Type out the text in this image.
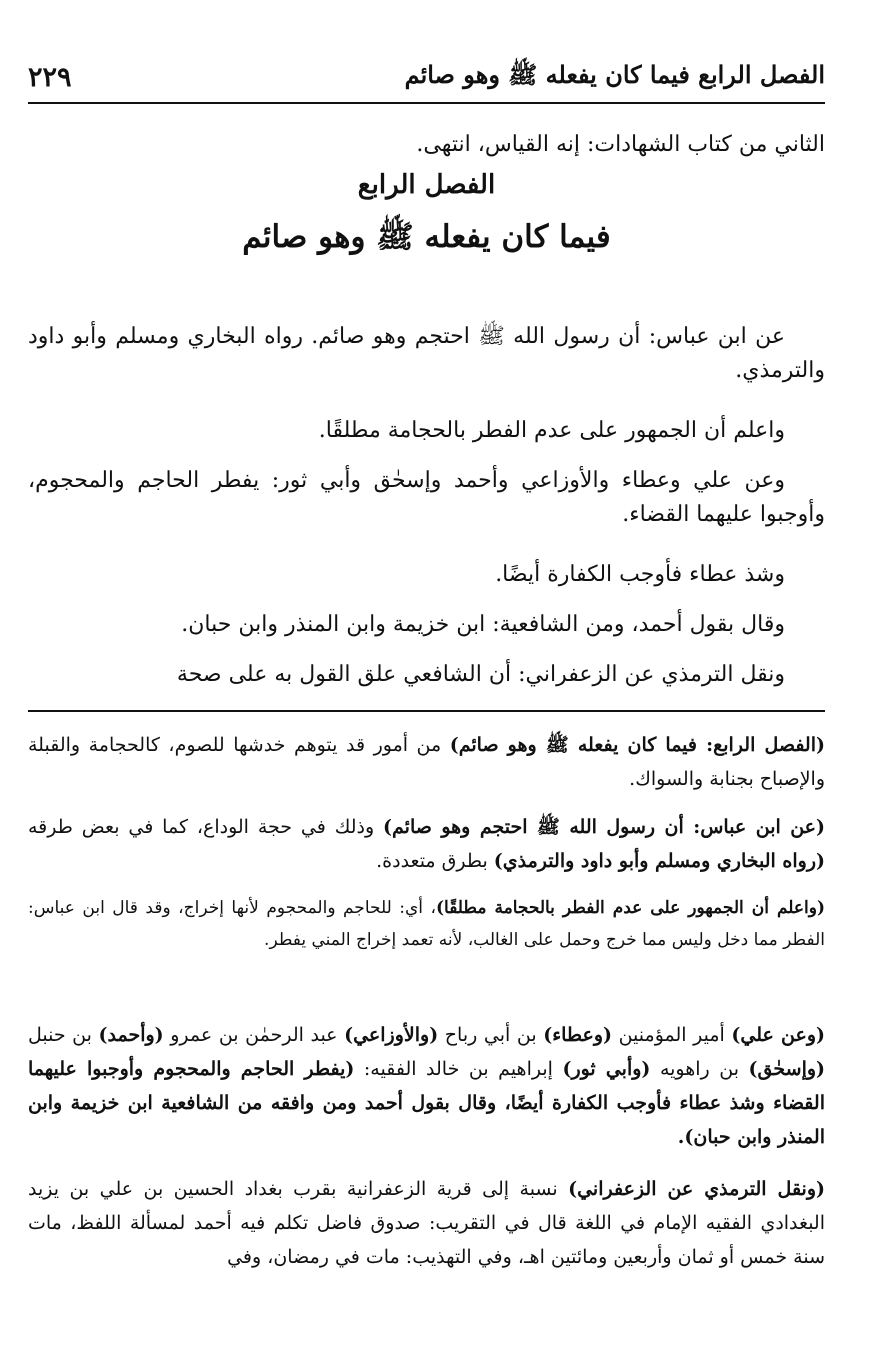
الفصل الرابع فيما كان يفعله ﷺ وهو صائم
٢٢٩
الثاني من كتاب الشهادات: إنه القياس، انتهى.
الفصل الرابع
فيما كان يفعله ﷺ وهو صائم
عن ابن عباس: أن رسول الله ﷺ احتجم وهو صائم. رواه البخاري ومسلم وأبو داود والترمذي.
واعلم أن الجمهور على عدم الفطر بالحجامة مطلقًا.
وعن علي وعطاء والأوزاعي وأحمد وإسحٰق وأبي ثور: يفطر الحاجم والمحجوم، وأوجبوا عليهما القضاء.
وشذ عطاء فأوجب الكفارة أيضًا.
وقال بقول أحمد، ومن الشافعية: ابن خزيمة وابن المنذر وابن حبان.
ونقل الترمذي عن الزعفراني: أن الشافعي علق القول به على صحة
(الفصل الرابع: فيما كان يفعله ﷺ وهو صائم) من أمور قد يتوهم خدشها للصوم، كالحجامة والقبلة والإصباح بجنابة والسواك.
(عن ابن عباس: أن رسول الله ﷺ احتجم وهو صائم) وذلك في حجة الوداع، كما في بعض طرقه (رواه البخاري ومسلم وأبو داود والترمذي) بطرق متعددة.
(واعلم أن الجمهور على عدم الفطر بالحجامة مطلقًا)، أي: للحاجم والمحجوم لأنها إخراج، وقد قال ابن عباس: الفطر مما دخل وليس مما خرج وحمل على الغالب، لأنه تعمد إخراج المني يفطر.
(وعن علي) أمير المؤمنين (وعطاء) بن أبي رباح (والأوزاعي) عبد الرحمٰن بن عمرو (وأحمد) بن حنبل (وإسحٰق) بن راهويه (وأبي ثور) إبراهيم بن خالد الفقيه: (يفطر الحاجم والمحجوم وأوجبوا عليهما القضاء وشذ عطاء فأوجب الكفارة أيضًا، وقال بقول أحمد ومن وافقه من الشافعية ابن خزيمة وابن المنذر وابن حبان).
(ونقل الترمذي عن الزعفراني) نسبة إلى قرية الزعفرانية بقرب بغداد الحسين بن علي بن يزيد البغدادي الفقيه الإمام في اللغة قال في التقريب: صدوق فاضل تكلم فيه أحمد لمسألة اللفظ، مات سنة خمس أو ثمان وأربعين ومائتين اهـ، وفي التهذيب: مات في رمضان، وفي
